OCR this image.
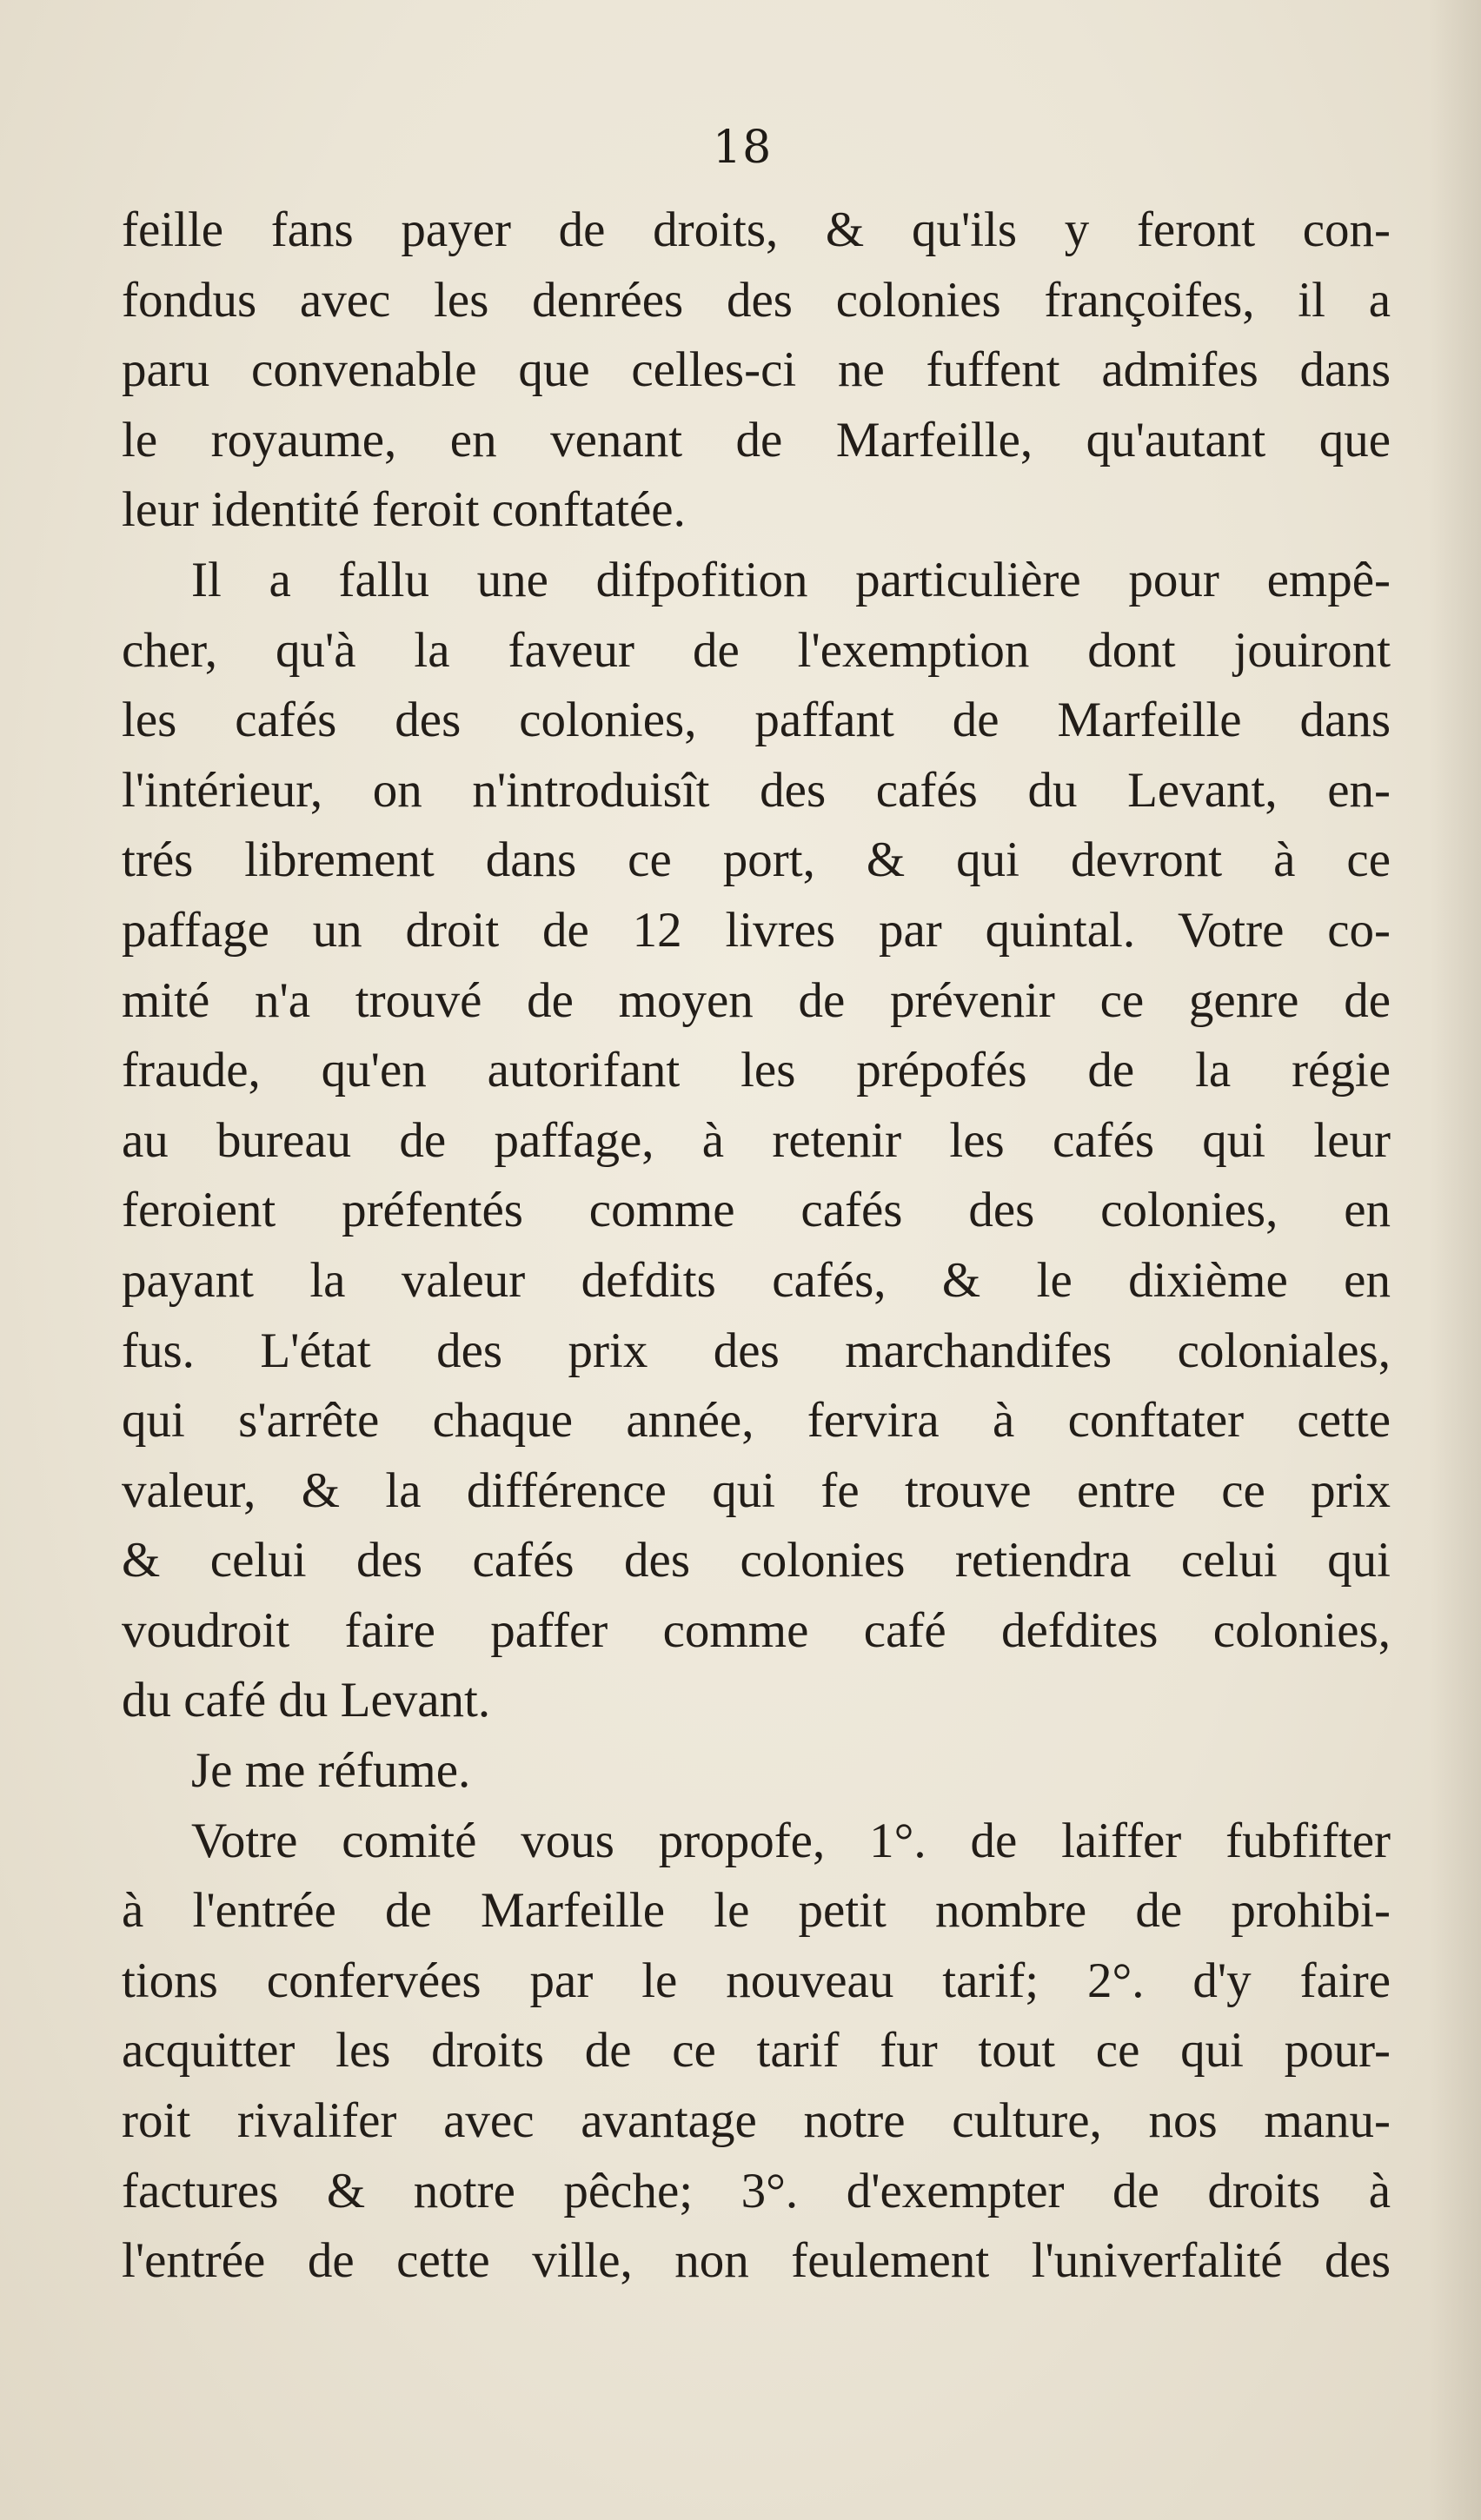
18
feille fans payer de droits, & qu'ils y feront con-
fondus avec les denrées des colonies françoifes, il a
paru convenable que celles-ci ne fuffent admifes dans
le royaume, en venant de Marfeille, qu'autant que
leur identité feroit conftatée.
Il a fallu une difpofition particulière pour empê-
cher, qu'à la faveur de l'exemption dont jouiront
les cafés des colonies, paffant de Marfeille dans
l'intérieur, on n'introduisît des cafés du Levant, en-
trés librement dans ce port, & qui devront à ce
paffage un droit de 12 livres par quintal. Votre co-
mité n'a trouvé de moyen de prévenir ce genre de
fraude, qu'en autorifant les prépofés de la régie
au bureau de paffage, à retenir les cafés qui leur
feroient préfentés comme cafés des colonies, en
payant la valeur defdits cafés, & le dixième en
fus. L'état des prix des marchandifes coloniales,
qui s'arrête chaque année, fervira à conftater cette
valeur, & la différence qui fe trouve entre ce prix
& celui des cafés des colonies retiendra celui qui
voudroit faire paffer comme café defdites colonies,
du café du Levant.
Je me réfume.
Votre comité vous propofe, 1°. de laiffer fubfifter
à l'entrée de Marfeille le petit nombre de prohibi-
tions confervées par le nouveau tarif; 2°. d'y faire
acquitter les droits de ce tarif fur tout ce qui pour-
roit rivalifer avec avantage notre culture, nos manu-
factures & notre pêche; 3°. d'exempter de droits à
l'entrée de cette ville, non feulement l'univerfalité des
